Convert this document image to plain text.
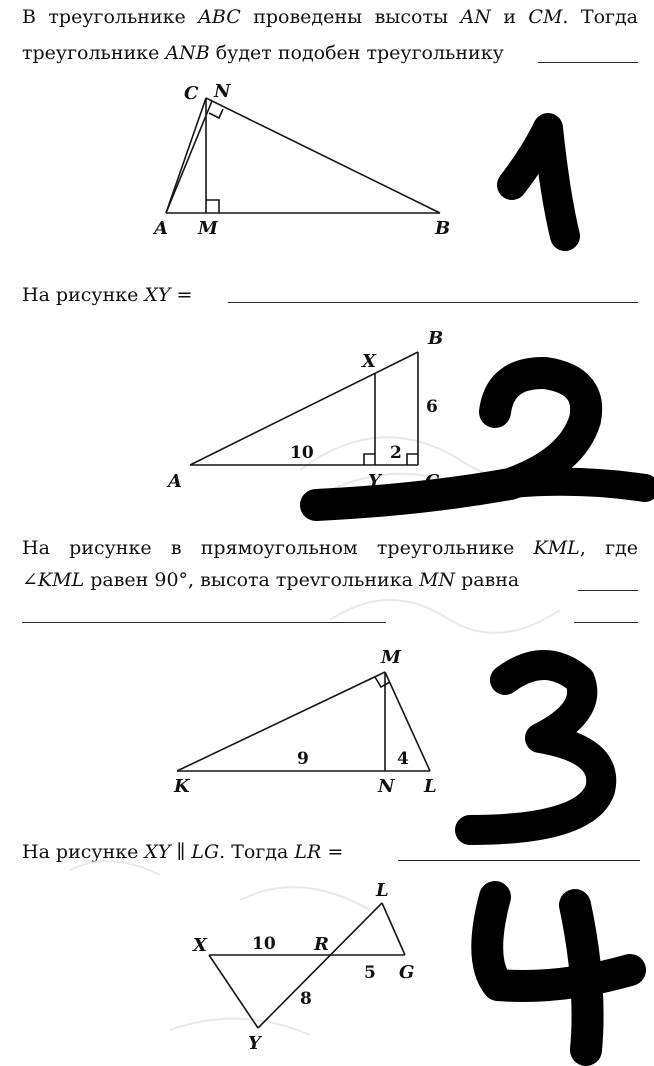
В треугольнике ABC проведены высоты AN и CM. Тогда

треугольнике ANB будет подобен треугольнику

На рисунке XY =

На рисунке в прямоугольном треугольнике KML, где

∠KML равен 90°, высота треvгольника MN равна

На рисунке XY ∥ LG. Тогда LR =

C N
A M	B
B
X
A	Y C
10	2
6
M
K	N L
9	4
X	R
L
G
Y
10
8
5
